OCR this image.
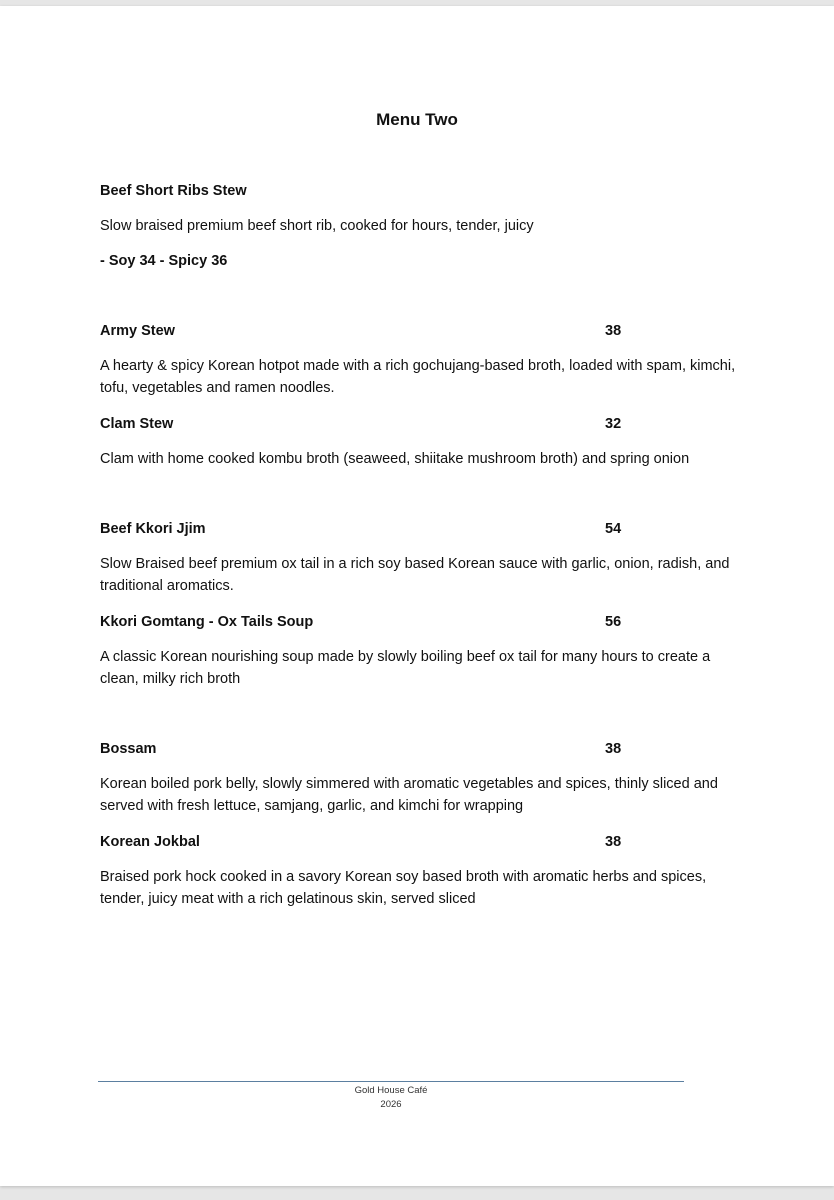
Menu Two
Beef Short Ribs Stew
Slow braised premium beef short rib, cooked for hours, tender, juicy
- Soy 34 - Spicy 36
Army Stew	38
A hearty & spicy Korean hotpot made with a rich gochujang-based broth, loaded with spam, kimchi, tofu, vegetables and ramen noodles.
Clam Stew	32
Clam with home cooked kombu broth (seaweed, shiitake mushroom broth) and spring onion
Beef Kkori Jjim	54
Slow Braised beef premium ox tail in a rich soy based Korean sauce with garlic, onion, radish, and traditional aromatics.
Kkori Gomtang - Ox Tails Soup	56
A classic Korean nourishing soup made by slowly boiling beef ox tail for many hours to create a clean, milky rich broth
Bossam	38
Korean boiled pork belly, slowly simmered with aromatic vegetables and spices, thinly sliced and served with fresh lettuce, samjang, garlic, and kimchi for wrapping
Korean Jokbal	38
Braised pork hock cooked in a savory Korean soy based broth with aromatic herbs and spices, tender, juicy meat with a rich gelatinous skin, served sliced
Gold House Café
2026
